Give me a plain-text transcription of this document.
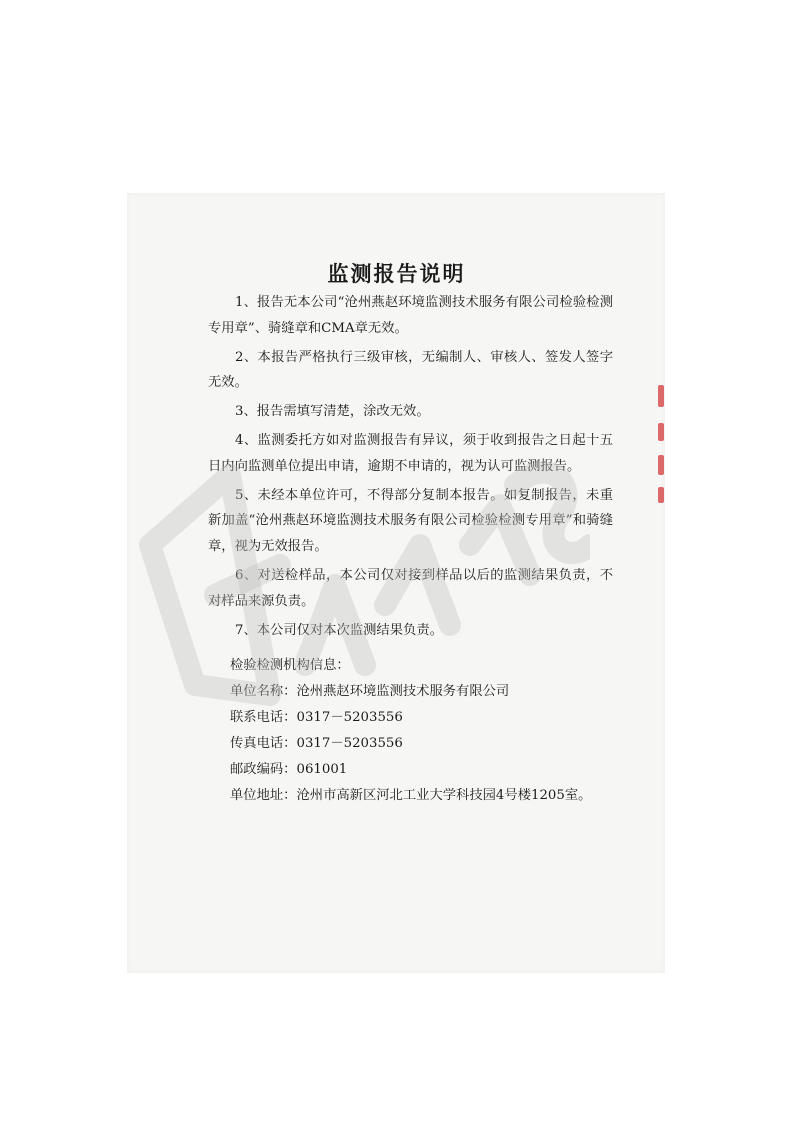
监测报告说明

1、报告无本公司“沧州燕赵环境监测技术服务有限公司检验检测专用章”、骑缝章和CMA章无效。

2、本报告严格执行三级审核，无编制人、审核人、签发人签字无效。

3、报告需填写清楚，涂改无效。

4、监测委托方如对监测报告有异议，须于收到报告之日起十五日内向监测单位提出申请，逾期不申请的，视为认可监测报告。

5、未经本单位许可，不得部分复制本报告。如复制报告，未重新加盖“沧州燕赵环境监测技术服务有限公司检验检测专用章”和骑缝章，视为无效报告。

6、对送检样品，本公司仅对接到样品以后的监测结果负责，不对样品来源负责。

7、本公司仅对本次监测结果负责。

检验检测机构信息：
单位名称：沧州燕赵环境监测技术服务有限公司
联系电话：0317－5203556
传真电话：0317－5203556
邮政编码：061001
单位地址：沧州市高新区河北工业大学科技园4号楼1205室。
